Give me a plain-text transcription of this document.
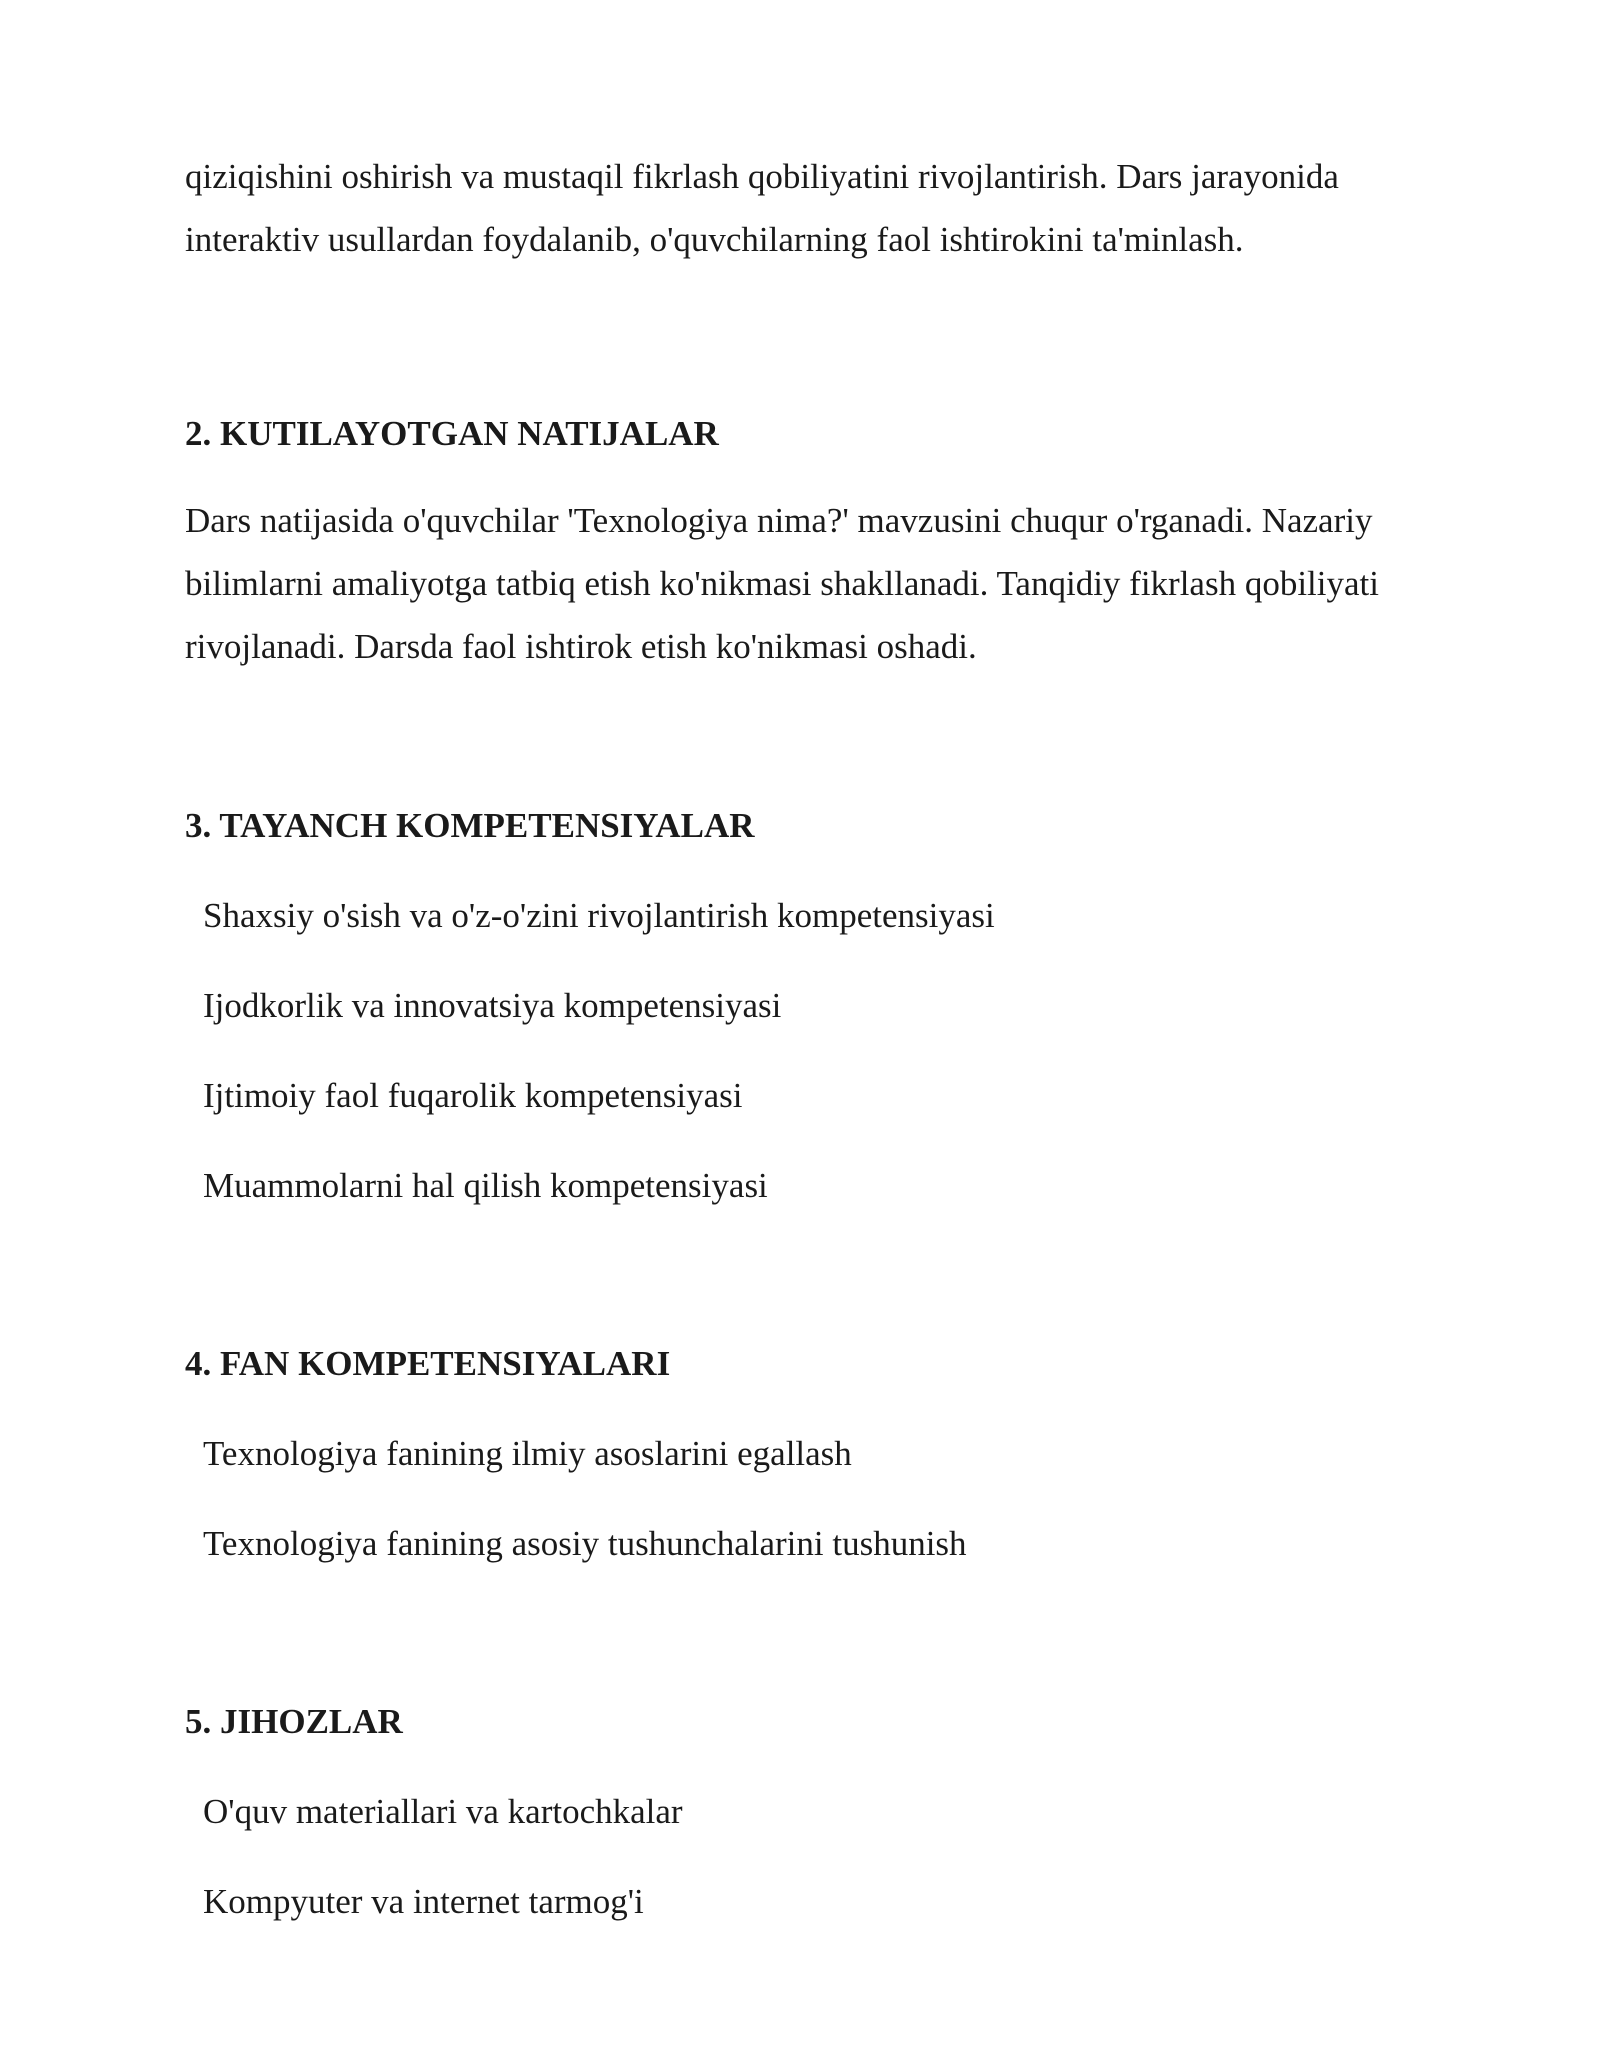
qiziqishini oshirish va mustaqil fikrlash qobiliyatini rivojlantirish. Dars jarayonida interaktiv usullardan foydalanib, o'quvchilarning faol ishtirokini ta'minlash.

2. KUTILAYOTGAN NATIJALAR

Dars natijasida o'quvchilar 'Texnologiya nima?' mavzusini chuqur o'rganadi. Nazariy bilimlarni amaliyotga tatbiq etish ko'nikmasi shakllanadi. Tanqidiy fikrlash qobiliyati rivojlanadi. Darsda faol ishtirok etish ko'nikmasi oshadi.

3. TAYANCH KOMPETENSIYALAR
Shaxsiy o'sish va o'z-o'zini rivojlantirish kompetensiyasi
Ijodkorlik va innovatsiya kompetensiyasi
Ijtimoiy faol fuqarolik kompetensiyasi
Muammolarni hal qilish kompetensiyasi
4. FAN KOMPETENSIYALARI
Texnologiya fanining ilmiy asoslarini egallash
Texnologiya fanining asosiy tushunchalarini tushunish
5. JIHOZLAR
O'quv materiallari va kartochkalar
Kompyuter va internet tarmog'i
